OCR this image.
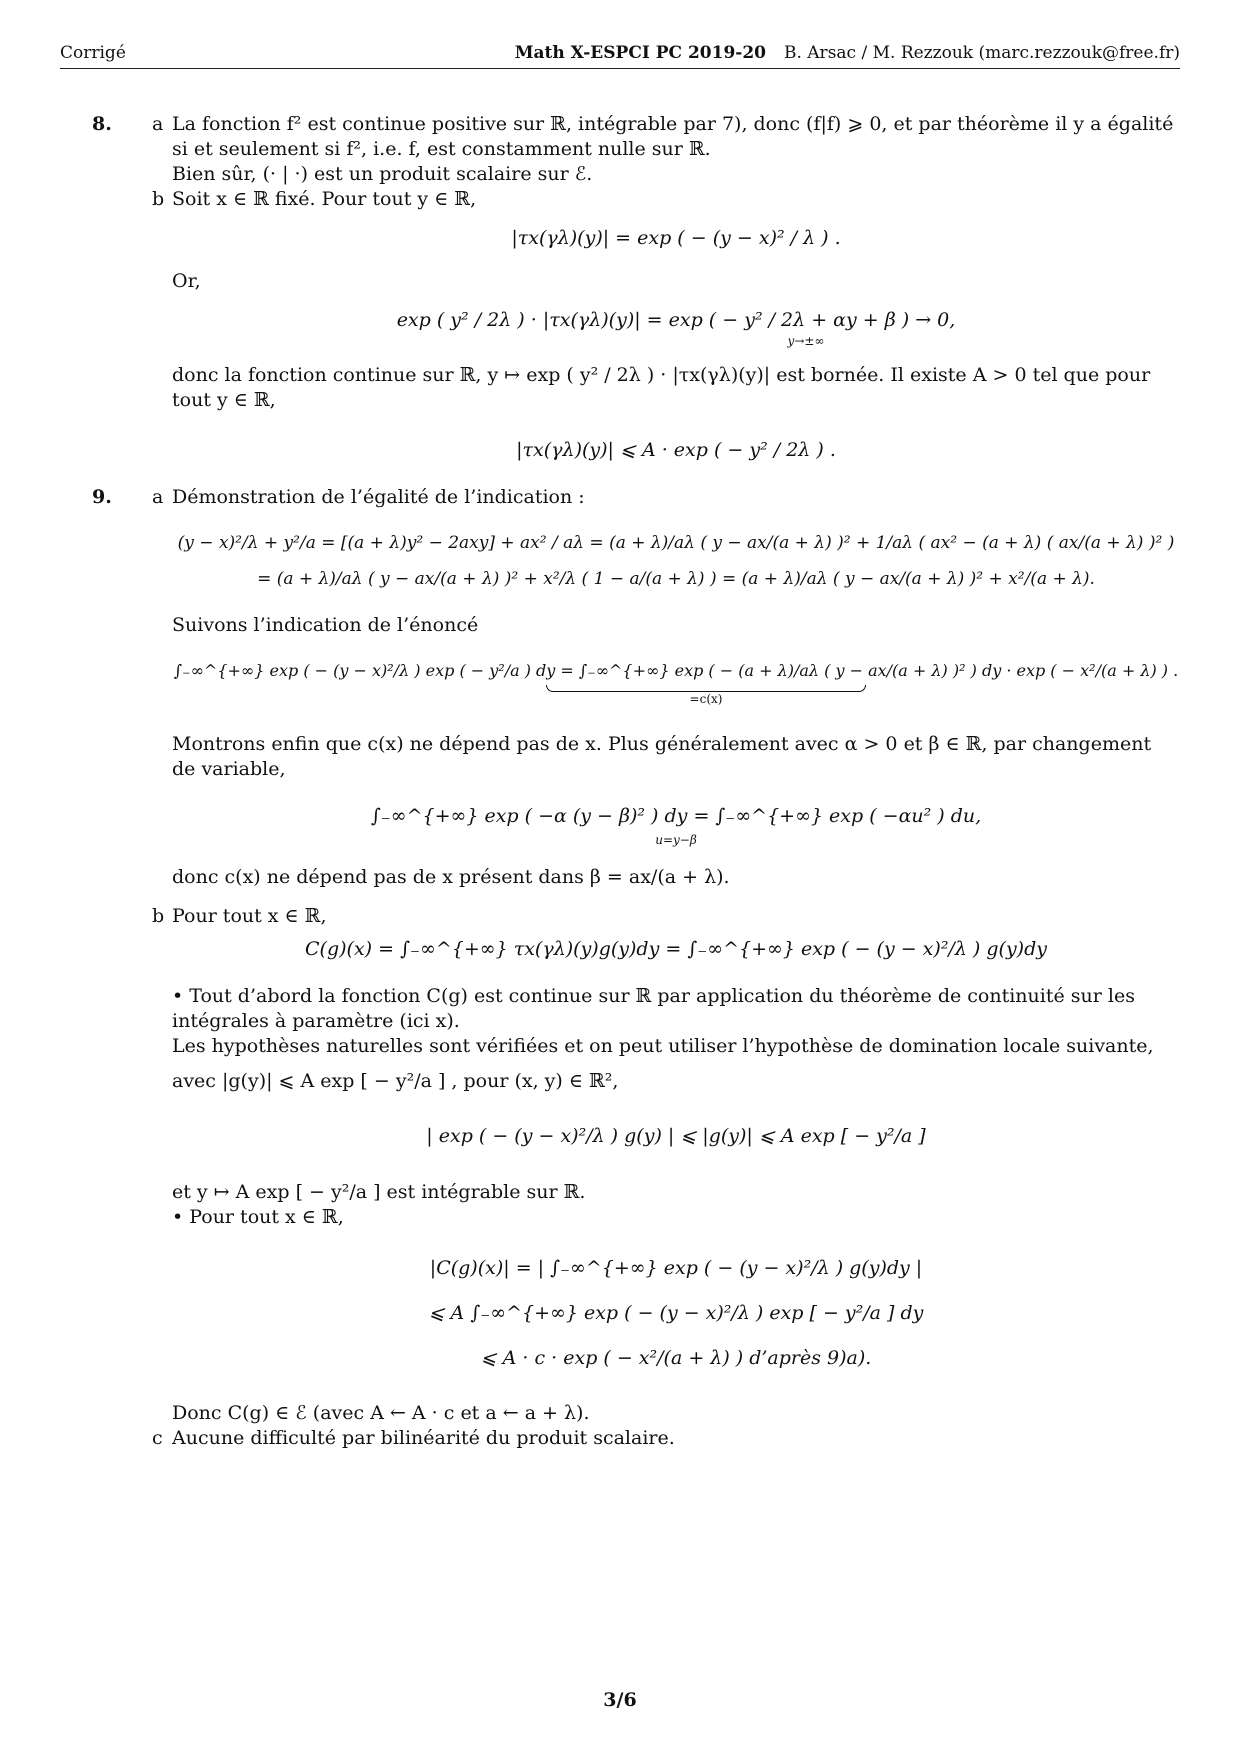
Corrigé	Math X-ESPCI PC 2019-20 B. Arsac / M. Rezzouk (marc.rezzouk@free.fr)
8. a La fonction f² est continue positive sur ℝ, intégrable par 7), donc (f|f) ⩾ 0, et par théorème il y a égalité si et seulement si f², i.e. f, est constamment nulle sur ℝ.

Bien sûr, (· | ·) est un produit scalaire sur ℰ.

b Soit x ∈ ℝ fixé. Pour tout y ∈ ℝ,

|τx(γλ)(y)| = exp ( − (y − x)² / λ ) .

Or,

exp ( y² / 2λ ) · |τx(γλ)(y)| = exp ( − y² / 2λ + αy + β ) → 0,
y→±∞

donc la fonction continue sur ℝ, y ↦ exp ( y² / 2λ ) · |τx(γλ)(y)| est bornée. Il existe A > 0 tel que pour tout y ∈ ℝ,

|τx(γλ)(y)| ⩽ A · exp ( − y² / 2λ ) .
9. a Démonstration de l’égalité de l’indication :

(y − x)²/λ + y²/a = [(a + λ)y² − 2axy] + ax² / aλ = (a + λ)/aλ ( y − ax/(a + λ) )² + 1/aλ ( ax² − (a + λ) ( ax/(a + λ) )² )
= (a + λ)/aλ ( y − ax/(a + λ) )² + x²/λ ( 1 − a/(a + λ) ) = (a + λ)/aλ ( y − ax/(a + λ) )² + x²/(a + λ).

Suivons l’indication de l’énoncé

∫₋∞^{+∞} exp ( − (y − x)²/λ ) exp ( − y²/a ) dy = ∫₋∞^{+∞} exp ( − (a + λ)/aλ ( y − ax/(a + λ) )² ) dy · exp ( − x²/(a + λ) ) .
=c(x)

Montrons enfin que c(x) ne dépend pas de x. Plus généralement avec α > 0 et β ∈ ℝ, par changement de variable,

∫₋∞^{+∞} exp ( −α (y − β)² ) dy = ∫₋∞^{+∞} exp ( −αu² ) du,
u=y−β

donc c(x) ne dépend pas de x présent dans β = ax/(a + λ).

b Pour tout x ∈ ℝ,

C(g)(x) = ∫₋∞^{+∞} τx(γλ)(y)g(y)dy = ∫₋∞^{+∞} exp ( − (y − x)²/λ ) g(y)dy

• Tout d’abord la fonction C(g) est continue sur ℝ par application du théorème de continuité sur les intégrales à paramètre (ici x).

Les hypothèses naturelles sont vérifiées et on peut utiliser l’hypothèse de domination locale suivante,

avec |g(y)| ⩽ A exp [ − y²/a ] , pour (x, y) ∈ ℝ²,

| exp ( − (y − x)²/λ ) g(y) | ⩽ |g(y)| ⩽ A exp [ − y²/a ]

et y ↦ A exp [ − y²/a ] est intégrable sur ℝ.

• Pour tout x ∈ ℝ,

|C(g)(x)| = | ∫₋∞^{+∞} exp ( − (y − x)²/λ ) g(y)dy |
⩽ A ∫₋∞^{+∞} exp ( − (y − x)²/λ ) exp [ − y²/a ] dy
⩽ A · c · exp ( − x²/(a + λ) ) d’après 9)a).

Donc C(g) ∈ ℰ (avec A ← A · c et a ← a + λ).

c Aucune difficulté par bilinéarité du produit scalaire.

3/6
